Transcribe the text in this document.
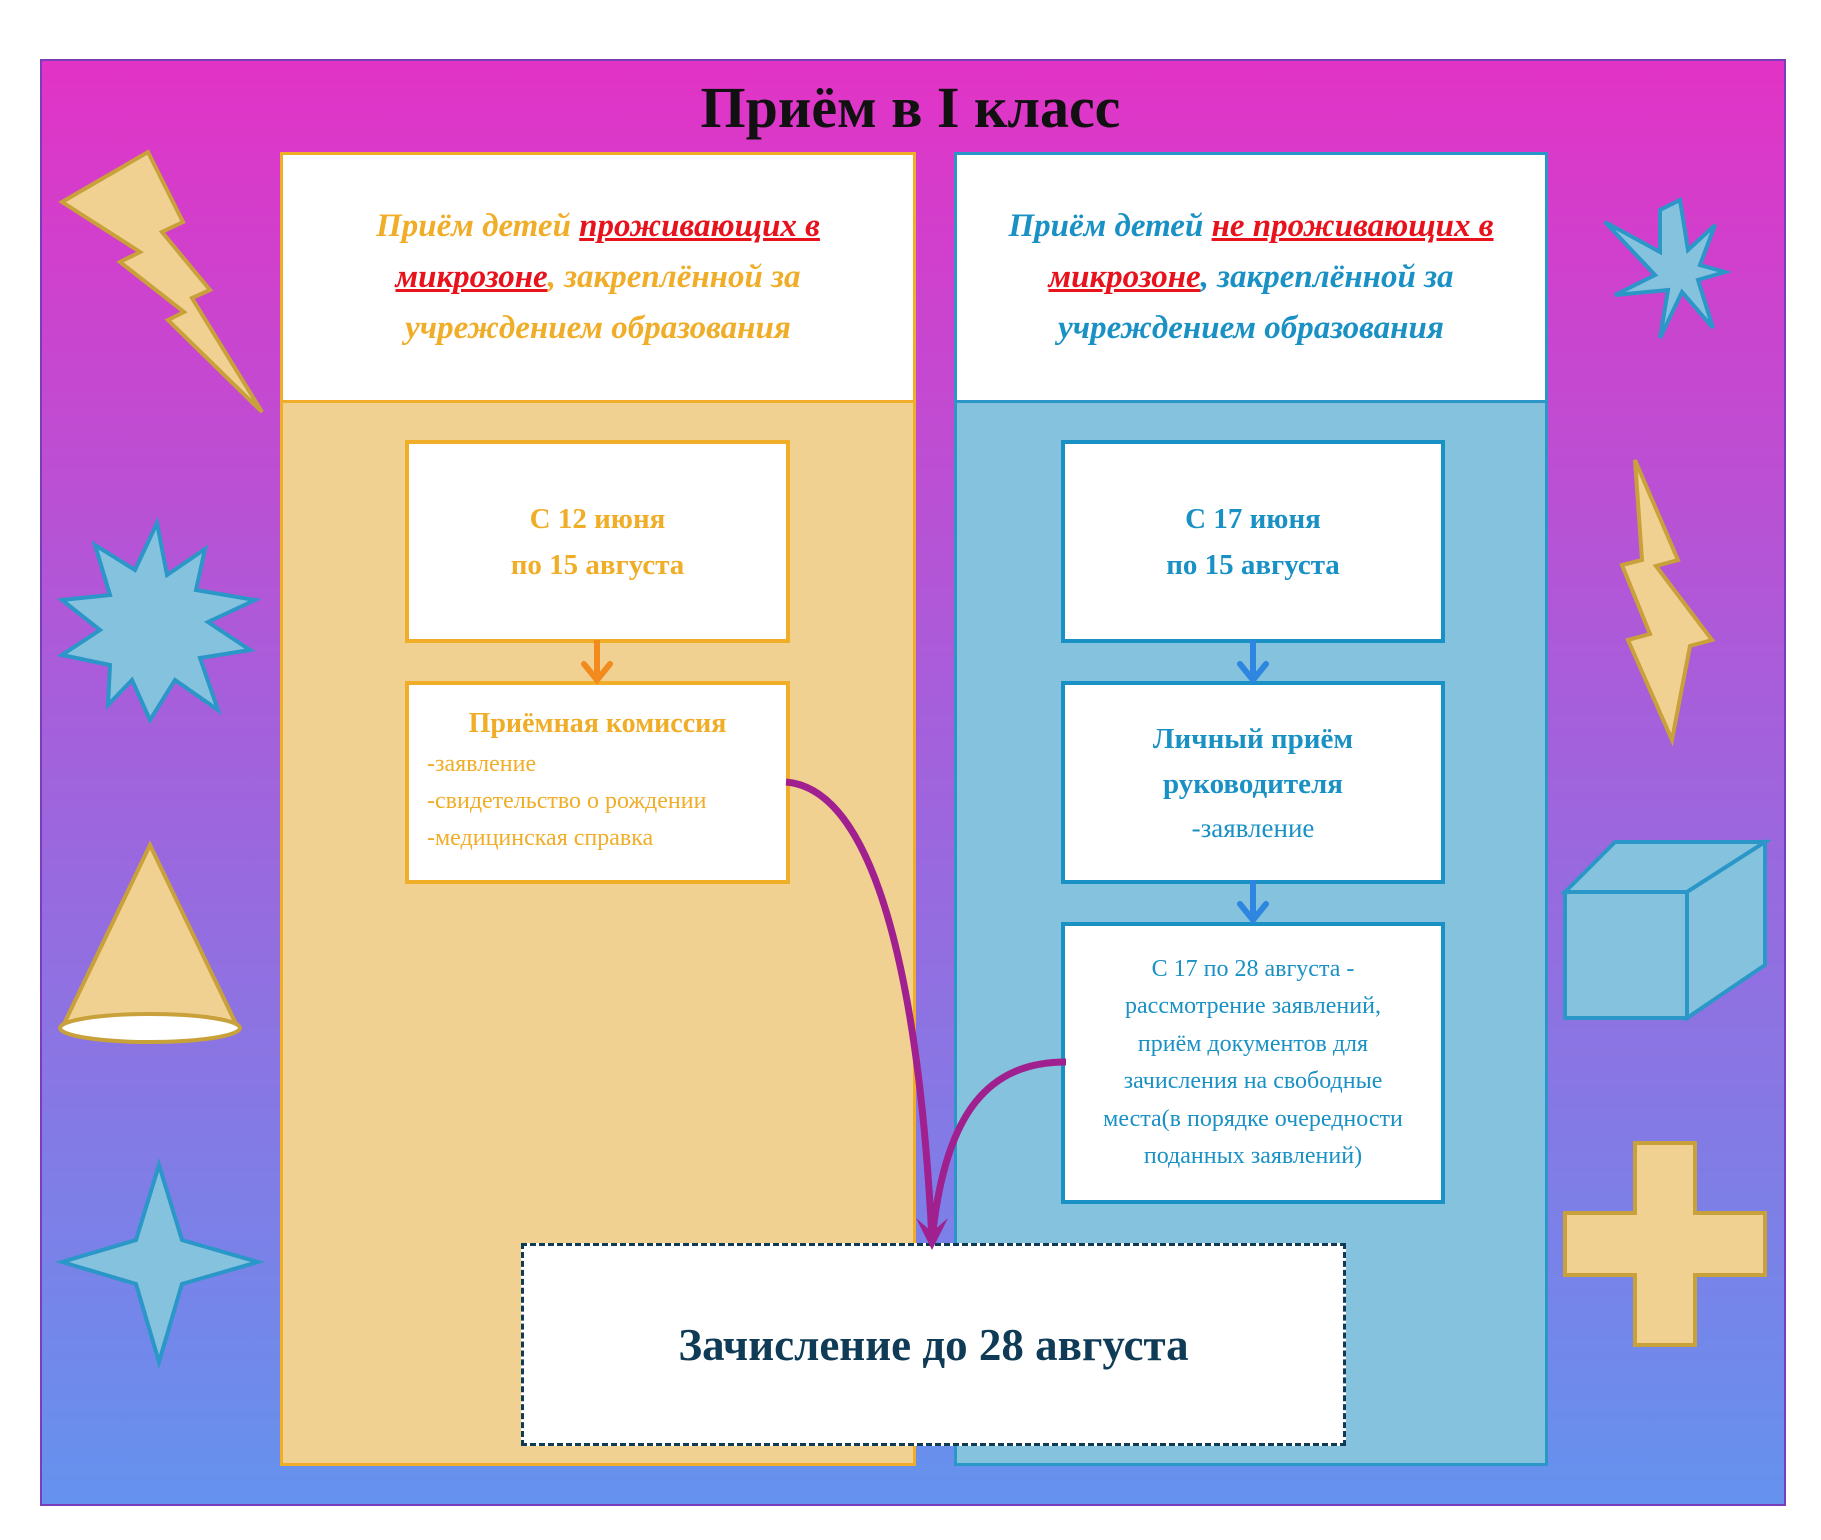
Приём в I класс
Приём детей проживающих в микрозоне, закреплённой за учреждением образования
Приём детей не проживающих в микрозоне, закреплённой за учреждением образования
С 12 июня
по 15 августа
Приёмная комиссия
-заявление
-свидетельство о рождении
-медицинская справка
С 17 июня
по 15 августа
Личный приём
руководителя
-заявление
С 17 по 28 августа -
рассмотрение заявлений,
приём документов для
зачисления на свободные
места(в порядке очередности
поданных заявлений)
Зачисление до 28 августа
